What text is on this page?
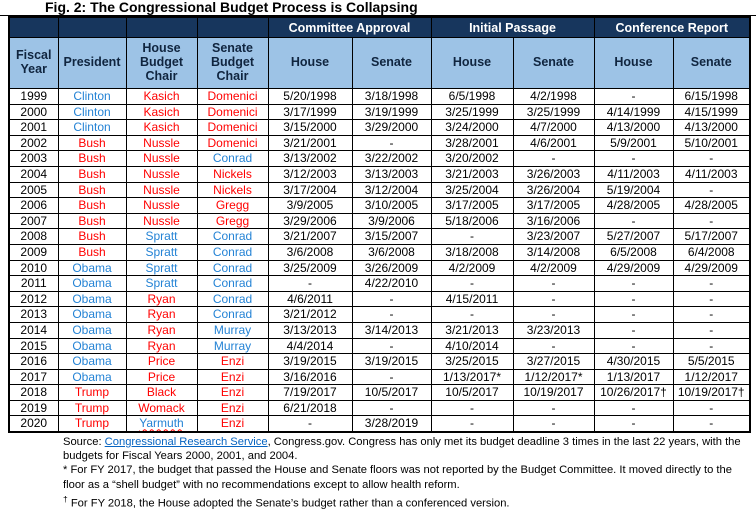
Fig. 2: The Congressional Budget Process is Collapsing
				Committee Approval		Initial Passage		Conference Report	
Fiscal Year	President	House Budget Chair	Senate Budget Chair	House	Senate	House	Senate	House	Senate
1999	Clinton	Kasich	Domenici	5/20/1998	3/18/1998	6/5/1998	4/2/1998	-	6/15/1998
2000	Clinton	Kasich	Domenici	3/17/1999	3/19/1999	3/25/1999	3/25/1999	4/14/1999	4/15/1999
2001	Clinton	Kasich	Domenici	3/15/2000	3/29/2000	3/24/2000	4/7/2000	4/13/2000	4/13/2000
2002	Bush	Nussle	Domenici	3/21/2001	-	3/28/2001	4/6/2001	5/9/2001	5/10/2001
2003	Bush	Nussle	Conrad	3/13/2002	3/22/2002	3/20/2002	-	-	-
2004	Bush	Nussle	Nickels	3/12/2003	3/13/2003	3/21/2003	3/26/2003	4/11/2003	4/11/2003
2005	Bush	Nussle	Nickels	3/17/2004	3/12/2004	3/25/2004	3/26/2004	5/19/2004	-
2006	Bush	Nussle	Gregg	3/9/2005	3/10/2005	3/17/2005	3/17/2005	4/28/2005	4/28/2005
2007	Bush	Nussle	Gregg	3/29/2006	3/9/2006	5/18/2006	3/16/2006	-	-
2008	Bush	Spratt	Conrad	3/21/2007	3/15/2007	-	3/23/2007	5/27/2007	5/17/2007
2009	Bush	Spratt	Conrad	3/6/2008	3/6/2008	3/18/2008	3/14/2008	6/5/2008	6/4/2008
2010	Obama	Spratt	Conrad	3/25/2009	3/26/2009	4/2/2009	4/2/2009	4/29/2009	4/29/2009
2011	Obama	Spratt	Conrad	-	4/22/2010	-	-	-	-
2012	Obama	Ryan	Conrad	4/6/2011	-	4/15/2011	-	-	-
2013	Obama	Ryan	Conrad	3/21/2012	-	-	-	-	-
2014	Obama	Ryan	Murray	3/13/2013	3/14/2013	3/21/2013	3/23/2013	-	-
2015	Obama	Ryan	Murray	4/4/2014	-	4/10/2014	-	-	-
2016	Obama	Price	Enzi	3/19/2015	3/19/2015	3/25/2015	3/27/2015	4/30/2015	5/5/2015
2017	Obama	Price	Enzi	3/16/2016	-	1/13/2017*	1/12/2017*	1/13/2017	1/12/2017
2018	Trump	Black	Enzi	7/19/2017	10/5/2017	10/5/2017	10/19/2017	10/26/2017†	10/19/2017†
2019	Trump	Womack	Enzi	6/21/2018	-	-	-	-	-
2020	Trump	Yarmuth	Enzi	-	3/28/2019	-	-	-	-
Source: Congressional Research Service, Congress.gov. Congress has only met its budget deadline 3 times in the last 22 years, with the budgets for Fiscal Years 2000, 2001, and 2004.
* For FY 2017, the budget that passed the House and Senate floors was not reported by the Budget Committee. It moved directly to the floor as a “shell budget” with no recommendations except to allow health reform.
† For FY 2018, the House adopted the Senate’s budget rather than a conferenced version.
